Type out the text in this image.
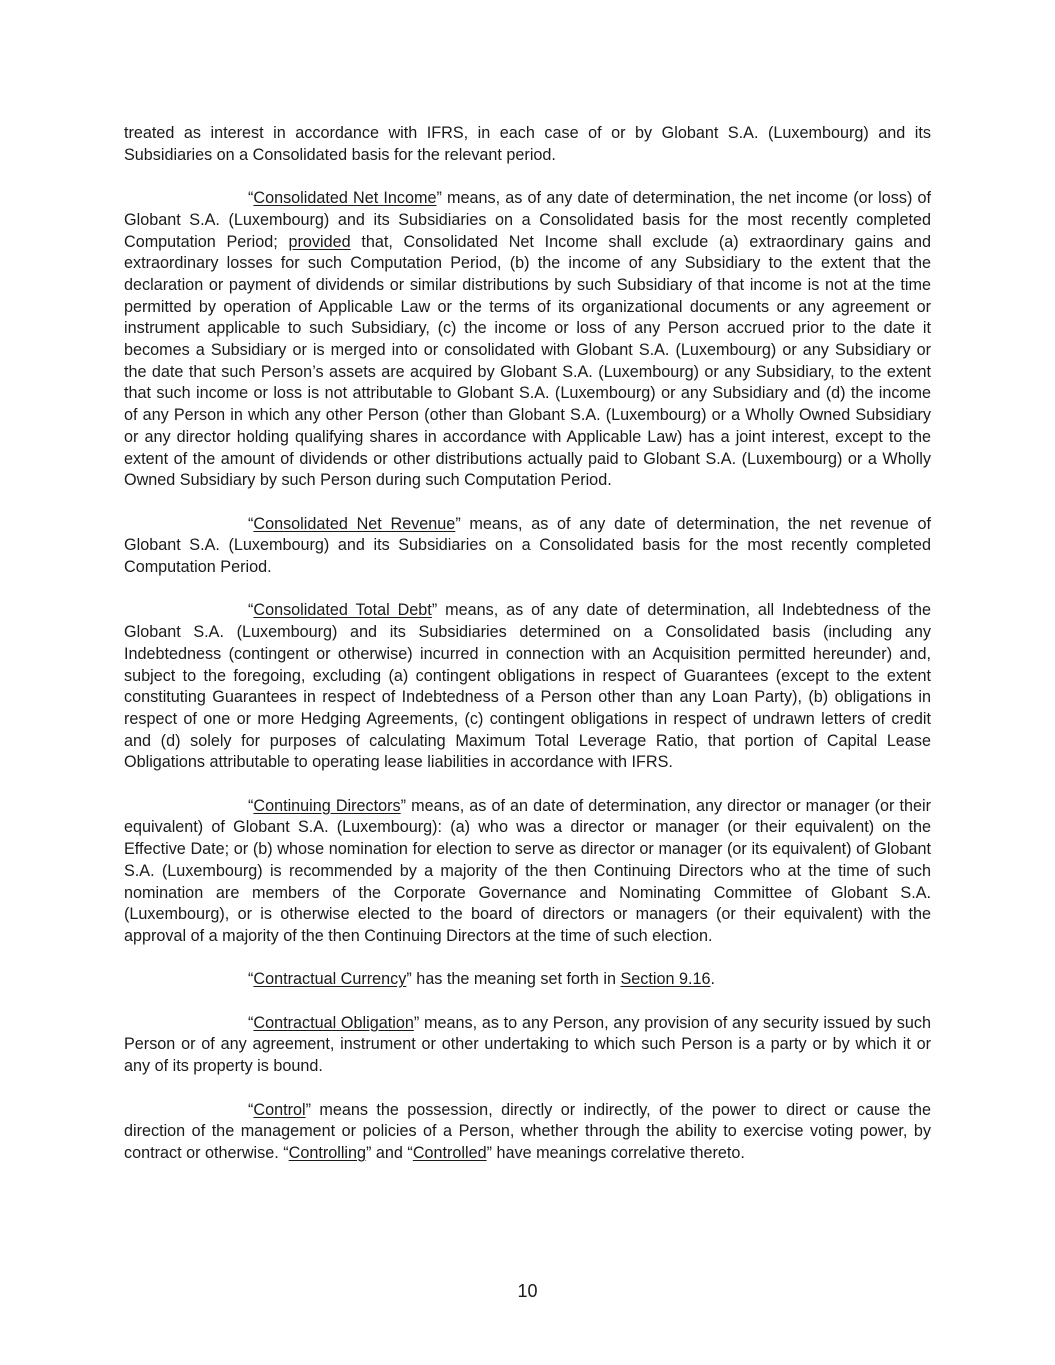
treated as interest in accordance with IFRS, in each case of or by Globant S.A. (Luxembourg) and its Subsidiaries on a Consolidated basis for the relevant period.

“Consolidated Net Income” means, as of any date of determination, the net income (or loss) of Globant S.A. (Luxembourg) and its Subsidiaries on a Consolidated basis for the most recently completed Computation Period; provided that, Consolidated Net Income shall exclude (a) extraordinary gains and extraordinary losses for such Computation Period, (b) the income of any Subsidiary to the extent that the declaration or payment of dividends or similar distributions by such Subsidiary of that income is not at the time permitted by operation of Applicable Law or the terms of its organizational documents or any agreement or instrument applicable to such Subsidiary, (c) the income or loss of any Person accrued prior to the date it becomes a Subsidiary or is merged into or consolidated with Globant S.A. (Luxembourg) or any Subsidiary or the date that such Person’s assets are acquired by Globant S.A. (Luxembourg) or any Subsidiary, to the extent that such income or loss is not attributable to Globant S.A. (Luxembourg) or any Subsidiary and (d) the income of any Person in which any other Person (other than Globant S.A. (Luxembourg) or a Wholly Owned Subsidiary or any director holding qualifying shares in accordance with Applicable Law) has a joint interest, except to the extent of the amount of dividends or other distributions actually paid to Globant S.A. (Luxembourg) or a Wholly Owned Subsidiary by such Person during such Computation Period.

“Consolidated Net Revenue” means, as of any date of determination, the net revenue of Globant S.A. (Luxembourg) and its Subsidiaries on a Consolidated basis for the most recently completed Computation Period.

“Consolidated Total Debt” means, as of any date of determination, all Indebtedness of the Globant S.A. (Luxembourg) and its Subsidiaries determined on a Consolidated basis (including any Indebtedness (contingent or otherwise) incurred in connection with an Acquisition permitted hereunder) and, subject to the foregoing, excluding (a) contingent obligations in respect of Guarantees (except to the extent constituting Guarantees in respect of Indebtedness of a Person other than any Loan Party), (b) obligations in respect of one or more Hedging Agreements, (c) contingent obligations in respect of undrawn letters of credit and (d) solely for purposes of calculating Maximum Total Leverage Ratio, that portion of Capital Lease Obligations attributable to operating lease liabilities in accordance with IFRS.

“Continuing Directors” means, as of an date of determination, any director or manager (or their equivalent) of Globant S.A. (Luxembourg): (a) who was a director or manager (or their equivalent) on the Effective Date; or (b) whose nomination for election to serve as director or manager (or its equivalent) of Globant S.A. (Luxembourg) is recommended by a majority of the then Continuing Directors who at the time of such nomination are members of the Corporate Governance and Nominating Committee of Globant S.A. (Luxembourg), or is otherwise elected to the board of directors or managers (or their equivalent) with the approval of a majority of the then Continuing Directors at the time of such election.

“Contractual Currency” has the meaning set forth in Section 9.16.

“Contractual Obligation” means, as to any Person, any provision of any security issued by such Person or of any agreement, instrument or other undertaking to which such Person is a party or by which it or any of its property is bound.

“Control” means the possession, directly or indirectly, of the power to direct or cause the direction of the management or policies of a Person, whether through the ability to exercise voting power, by contract or otherwise. “Controlling” and “Controlled” have meanings correlative thereto.

10
